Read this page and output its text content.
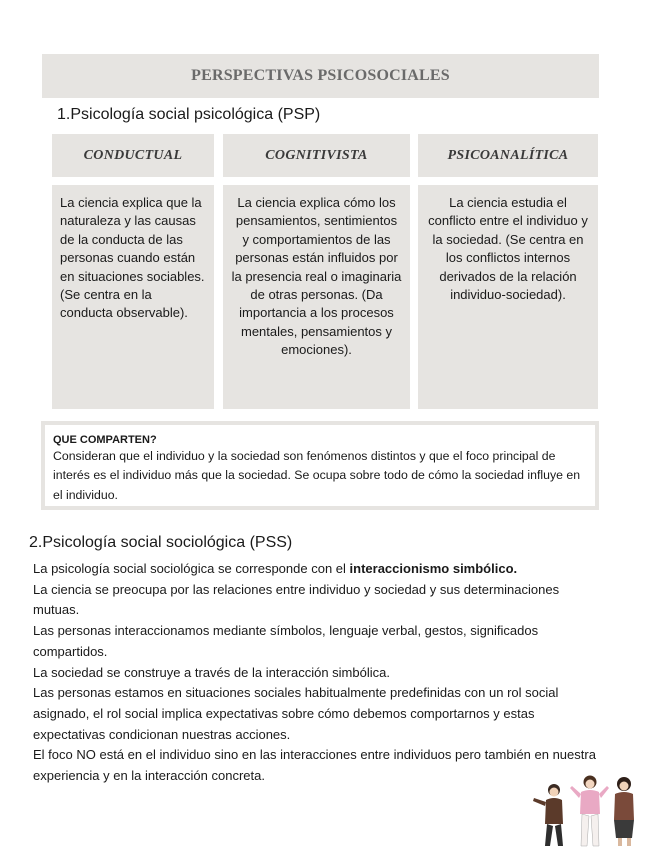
PERSPECTIVAS PSICOSOCIALES
1.Psicología social psicológica (PSP)
CONDUCTUAL	COGNITIVISTA	PSICOANALÍTICA
La ciencia explica que la naturaleza y las causas de la conducta de las personas cuando están en situaciones sociables. (Se centra en la conducta observable).
La ciencia explica cómo los pensamientos, sentimientos y comportamientos de las personas están influidos por la presencia real o imaginaria de otras personas. (Da importancia a los procesos mentales, pensamientos y emociones).
La ciencia estudia el conflicto entre el individuo y la sociedad. (Se centra en los conflictos internos derivados de la relación individuo-sociedad).
QUE COMPARTEN?
Consideran que el individuo y la sociedad son fenómenos distintos y que el foco principal de interés es el individuo más que la sociedad. Se ocupa sobre todo de cómo la sociedad influye en el individuo.
2.Psicología social sociológica (PSS)

La psicología social sociológica se corresponde con el interaccionismo simbólico.

La ciencia se preocupa por las relaciones entre individuo y sociedad y sus determinaciones mutuas.

Las personas interaccionamos mediante símbolos, lenguaje verbal, gestos, significados compartidos.

La sociedad se construye a través de la interacción simbólica.

Las personas estamos en situaciones sociales habitualmente predefinidas con un rol social asignado, el rol social implica expectativas sobre cómo debemos comportarnos y estas expectativas condicionan nuestras acciones.

El foco NO está en el individuo sino en las interacciones entre individuos pero también en nuestra experiencia y en la interacción concreta.
